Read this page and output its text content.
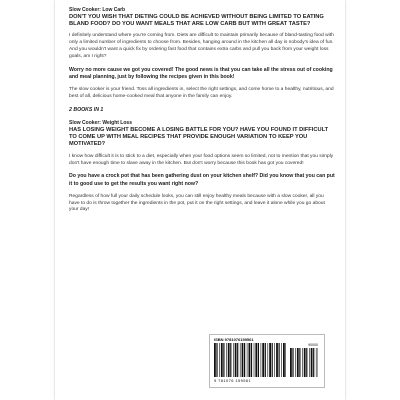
Slow Cooker: Low Carb
DON'T YOU WISH THAT DIETING COULD BE ACHIEVED WITHOUT BEING LIMITED TO EATING BLAND FOOD? DO YOU WANT MEALS THAT ARE LOW CARB BUT WITH GREAT TASTE?
I definitely understand where you're coming from. Diets are difficult to maintain primarily because of bland-tasting food with only a limited number of ingredients to choose from. Besides, hanging around in the kitchen all day is nobody's idea of fun. And you wouldn't want a quick fix by ordering fast food that contains extra carbs and pull you back from your weight loss goals, am I right?
Worry no more cause we got you covered! The good news is that you can take all the stress out of cooking and meal planning, just by following the recipes given in this book!
The slow cooker is your friend. Toss all ingredients in, select the right settings, and come home to a healthy, nutritious, and best of all, delicious home-cooked meal that anyone in the family can enjoy.
2 BOOKS IN 1
Slow Cooker: Weight Loss
HAS LOSING WEIGHT BECOME A LOSING BATTLE FOR YOU? HAVE YOU FOUND IT DIFFICULT TO COME UP WITH MEAL RECIPES THAT PROVIDE ENOUGH VARIATION TO KEEP YOU MOTIVATED?
I know how difficult it is to stick to a diet, especially when your food options seem so limited, not to mention that you simply don't have enough time to slave away in the kitchen. But don't worry because this book has got you covered!
Do you have a crock pot that has been gathering dust on your kitchen shelf? Did you know that you can put it to good use to get the results you want right now?
Regardless of how full your daily schedule looks, you can still enjoy healthy meals because with a slow cooker, all you have to do is throw together the ingredients in the pot, put it on the right settings, and leave it alone while you go about your day!
ISBN 9781076159561
90000
9 781076 159561
